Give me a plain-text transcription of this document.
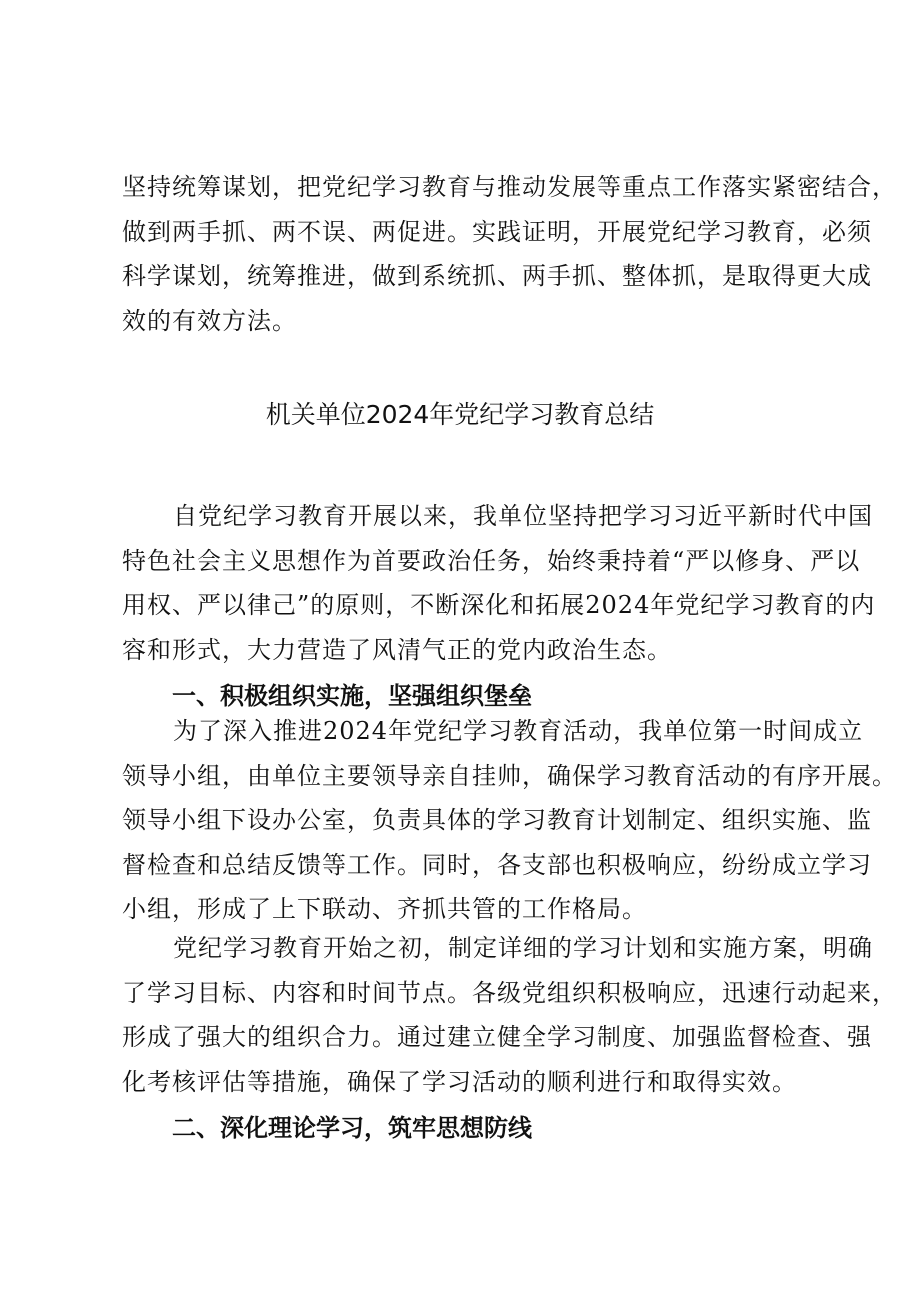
坚持统筹谋划，把党纪学习教育与推动发展等重点工作落实紧密结合，
做到两手抓、两不误、两促进。实践证明，开展党纪学习教育，必须
科学谋划，统筹推进，做到系统抓、两手抓、整体抓，是取得更大成
效的有效方法。
机关单位2024年党纪学习教育总结
自党纪学习教育开展以来，我单位坚持把学习习近平新时代中国
特色社会主义思想作为首要政治任务，始终秉持着“严以修身、严以
用权、严以律己”的原则，不断深化和拓展2024年党纪学习教育的内
容和形式，大力营造了风清气正的党内政治生态。
一、积极组织实施，坚强组织堡垒
为了深入推进2024年党纪学习教育活动，我单位第一时间成立
领导小组，由单位主要领导亲自挂帅，确保学习教育活动的有序开展。
领导小组下设办公室，负责具体的学习教育计划制定、组织实施、监
督检查和总结反馈等工作。同时，各支部也积极响应，纷纷成立学习
小组，形成了上下联动、齐抓共管的工作格局。
党纪学习教育开始之初，制定详细的学习计划和实施方案，明确
了学习目标、内容和时间节点。各级党组织积极响应，迅速行动起来，
形成了强大的组织合力。通过建立健全学习制度、加强监督检查、强
化考核评估等措施，确保了学习活动的顺利进行和取得实效。
二、深化理论学习，筑牢思想防线
